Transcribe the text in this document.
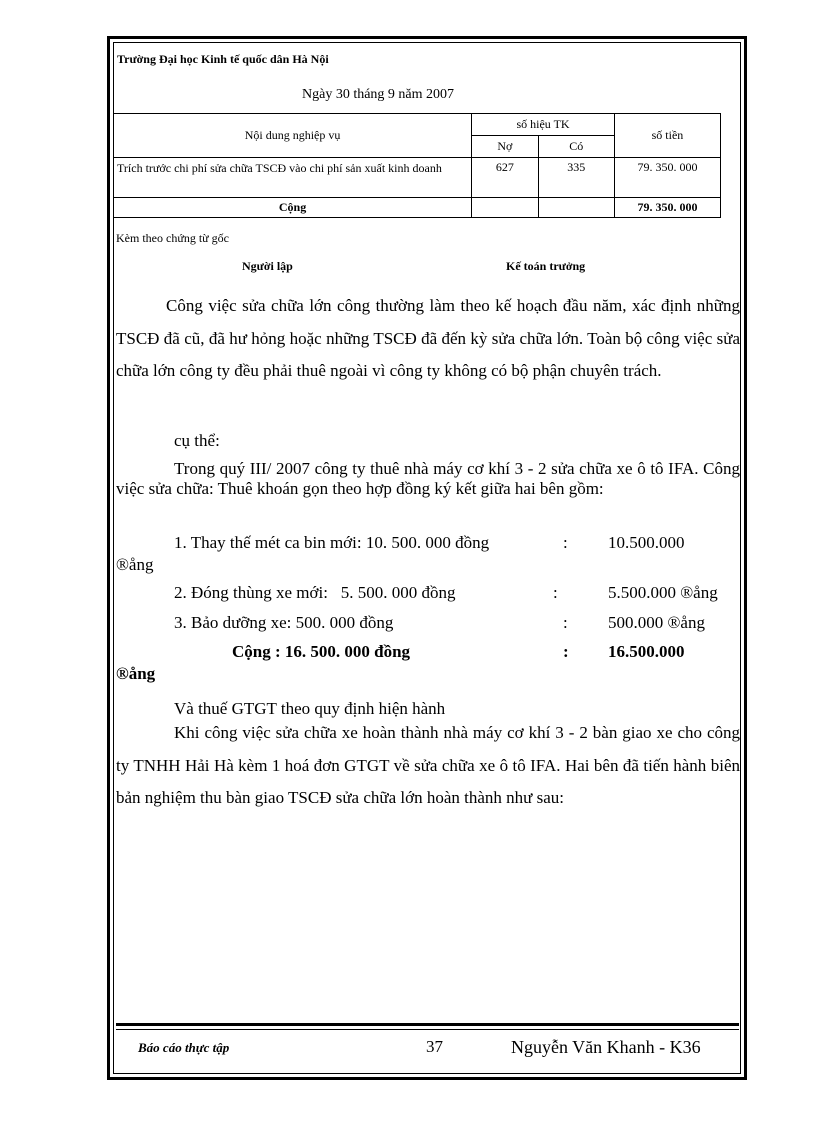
Trường Đại học Kinh tế quốc dân Hà Nội
Ngày 30 tháng 9 năm 2007
Nội dung nghiệp vụ	số hiệu TK		số tiền
	Nợ	Có	
Trích trước chi phí sửa chữa TSCĐ vào chi phí sản xuất kinh doanh	627	335	79. 350. 000
Cộng			79. 350. 000
Kèm theo chứng từ gốc
Người lập	Kế toán trưởng
Công việc sửa chữa lớn công thường làm theo kế hoạch đầu năm, xác định những TSCĐ đã cũ, đã hư hỏng hoặc những TSCĐ đã đến kỳ sửa chữa lớn. Toàn bộ công việc sửa chữa lớn công ty đều phải thuê ngoài vì công ty không có bộ phận chuyên trách.
cụ thể:
Trong quý III/ 2007 công ty thuê nhà máy cơ khí 3 - 2 sửa chữa xe ô tô IFA. Công việc sửa chữa: Thuê khoán gọn theo hợp đồng ký kết giữa hai bên gồm:
1. Thay thế mét ca bin mới: 10. 500. 000 đồng	: 10.500.000
®ång
2. Đóng thùng xe mới:   5. 500. 000 đồng	:	5.500.000 ®ång
3. Bảo dưỡng xe: 500. 000 đồng	: 500.000 ®ång
Cộng : 16. 500. 000 đồng	: 16.500.000
®ång
Và thuế GTGT theo quy định hiện hành
Khi công việc sửa chữa xe hoàn thành nhà máy cơ khí 3 - 2 bàn giao xe cho công ty TNHH Hải Hà kèm 1 hoá đơn GTGT về sửa chữa xe ô tô IFA. Hai bên đã tiến hành biên bản nghiệm thu bàn giao TSCĐ sửa chữa lớn hoàn thành như sau:
Báo cáo thực tập	37	Nguyễn Văn Khanh - K36
